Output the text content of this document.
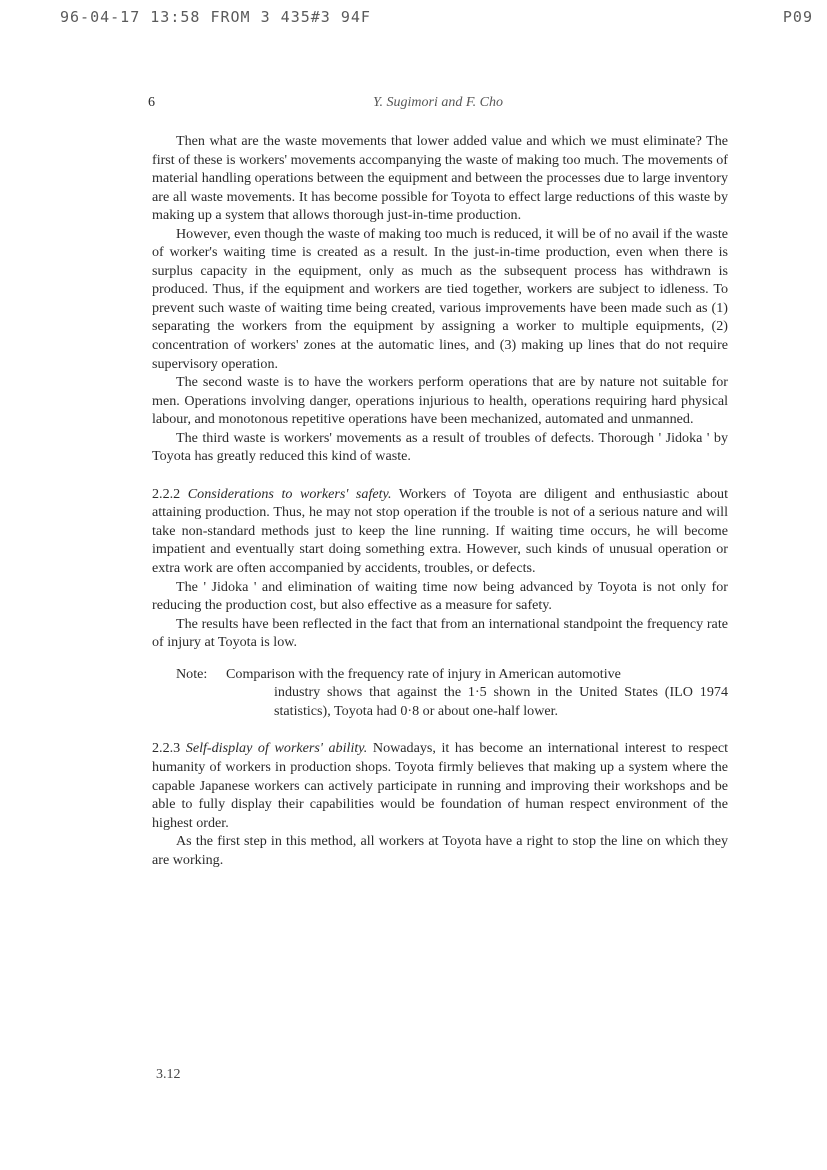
96-04-17 13:58 FROM 3 435#3 94F	P09
6	Y. Sugimori and F. Cho

Then what are the waste movements that lower added value and which we must eliminate? The first of these is workers' movements accompanying the waste of making too much. The movements of material handling operations between the equipment and between the processes due to large inventory are all waste movements. It has become possible for Toyota to effect large reductions of this waste by making up a system that allows thorough just-in-time production.

However, even though the waste of making too much is reduced, it will be of no avail if the waste of worker's waiting time is created as a result. In the just-in-time production, even when there is surplus capacity in the equipment, only as much as the subsequent process has withdrawn is produced. Thus, if the equipment and workers are tied together, workers are subject to idleness. To prevent such waste of waiting time being created, various improvements have been made such as (1) separating the workers from the equipment by assigning a worker to multiple equipments, (2) concentration of workers' zones at the automatic lines, and (3) making up lines that do not require supervisory operation.

The second waste is to have the workers perform operations that are by nature not suitable for men. Operations involving danger, operations injurious to health, operations requiring hard physical labour, and monotonous repetitive operations have been mechanized, automated and unmanned.

The third waste is workers' movements as a result of troubles of defects. Thorough ' Jidoka ' by Toyota has greatly reduced this kind of waste.

2.2.2 Considerations to workers' safety. Workers of Toyota are diligent and enthusiastic about attaining production. Thus, he may not stop operation if the trouble is not of a serious nature and will take non-standard methods just to keep the line running. If waiting time occurs, he will become impatient and eventually start doing something extra. However, such kinds of unusual operation or extra work are often accompanied by accidents, troubles, or defects.

The ' Jidoka ' and elimination of waiting time now being advanced by Toyota is not only for reducing the production cost, but also effective as a measure for safety.

The results have been reflected in the fact that from an international standpoint the frequency rate of injury at Toyota is low.

Note:	Comparison with the frequency rate of injury in American automotive
industry shows that against the 1·5 shown in the United States (ILO 1974 statistics), Toyota had 0·8 or about one-half lower.

2.2.3 Self-display of workers' ability. Nowadays, it has become an international interest to respect humanity of workers in production shops. Toyota firmly believes that making up a system where the capable Japanese workers can actively participate in running and improving their workshops and be able to fully display their capabilities would be foundation of human respect environment of the highest order.

As the first step in this method, all workers at Toyota have a right to stop the line on which they are working.

3.12
